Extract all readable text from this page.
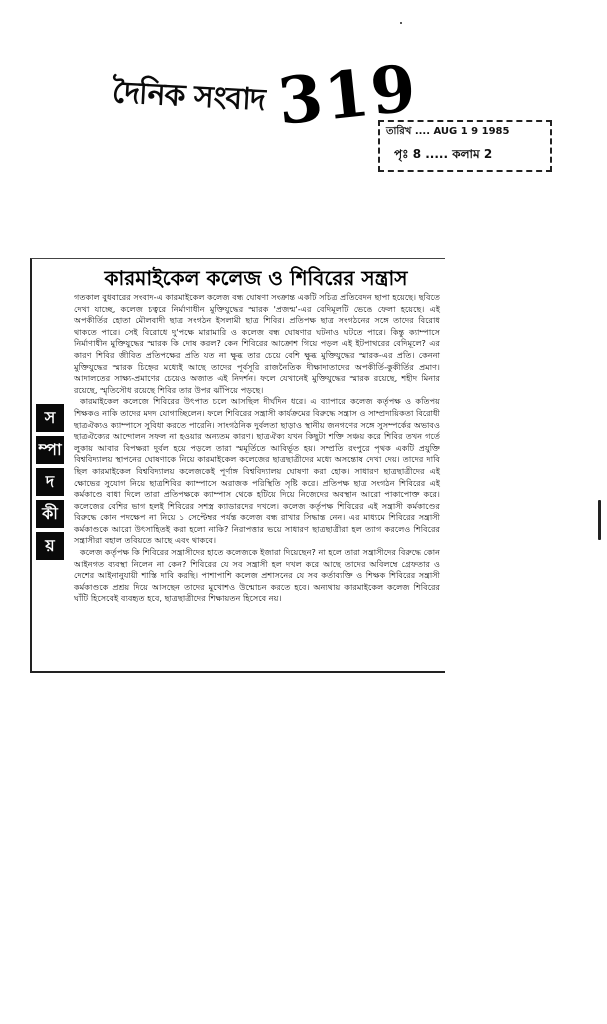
দৈনিক সংবাদ 319
তারিখ .... AUG 1 9 1985
পৃঃ 8 ..... কলাম 2
কারমাইকেল কলেজ ও শিবিরের সন্ত্রাস
স
ম্পা
দ
কী
য়

গতকাল বুধবারের সংবাদ-এ কারমাইকেল কলেজ বন্ধ ঘোষণা সংক্রান্ত একটি সচিত্র প্রতিবেদন ছাপা হয়েছে। ছবিতে দেখা যাচ্ছে, কলেজ চত্বরে নির্মাণাধীন মুক্তিযুদ্ধের স্মারক 'প্রজন্ম'-এর বেদিমূলটি ভেঙে ফেলা হয়েছে। এই অপকীর্তির হোতা মৌলবাদী ছাত্র সংগঠন ইসলামী ছাত্র শিবির। প্রতিপক্ষ ছাত্র সংগঠনের সঙ্গে তাদের বিরোধ থাকতে পারে। সেই বিরোধে দু'পক্ষে মারামারি ও কলেজ বন্ধ ঘোষণার ঘটনাও ঘটতে পারে। কিন্তু ক্যাম্পাসে নির্মাণাধীন মুক্তিযুদ্ধের স্মারক কি দোষ করল? কেন শিবিরের আক্রোশ গিয়ে পড়ল এই ইটপাথরের বেদিমূলে? এর কারণ শিবির জীবিত প্রতিপক্ষের প্রতি যত না ক্ষুব্ধ তার চেয়ে বেশি ক্ষুব্ধ মুক্তিযুদ্ধের স্মারক-এর প্রতি। কেননা মুক্তিযুদ্ধের স্মারক চিহ্নের মধ্যেই আছে তাদের পূর্বসূরি রাজনৈতিক দীক্ষাদাতাদের অপকীর্তি-কুকীর্তির প্রমাণ। আদালতের সাক্ষ্য-প্রমাণের চেয়েও অজাত এই নিদর্শন। ফলে যেখানেই মুক্তিযুদ্ধের স্মারক রয়েছে, শহীদ মিনার রয়েছে, স্মৃতিসৌধ রয়েছে শিবির তার উপর ঝাঁপিয়ে পড়ছে।

কারমাইকেল কলেজে শিবিরের উৎপাত চলে আসছিল দীর্ঘদিন ধরে। এ ব্যাপারে কলেজ কর্তৃপক্ষ ও কতিপয় শিক্ষকও নাকি তাদের মদদ যোগাচ্ছিলেন। ফলে শিবিরের সন্ত্রাসী কার্যক্রমের বিরুদ্ধে সন্ত্রাস ও সাম্প্রদায়িকতা বিরোধী ছাত্রঐক্যও ক্যাম্পাসে সুবিধা করতে পারেনি। সাংগঠনিক দুর্বলতা ছাড়াও স্থানীয় জনগণের সঙ্গে সুসম্পর্কের অভাবও ছাত্রঐক্যের আন্দোলন সফল না হওয়ার অন্যতম কারণ। ছাত্রঐক্য যখন কিছুটা শক্তি সঞ্চয় করে শিবির তখন গর্তে লুকায় আবার বিপক্ষরা দুর্বল হয়ে পড়লে তারা স্মমূর্তিতে আবির্ভূত হয়। সম্প্রতি রংপুরে পৃথক একটি প্রযুক্তি বিশ্ববিদ্যালয় স্থাপনের ঘোষণাকে নিয়ে কারমাইকেল কলেজের ছাত্রছাত্রীদের মধ্যে অসন্তোষ দেখা দেয়। তাদের দাবি ছিল কারমাইকেল বিশ্ববিদ্যালয় কলেজকেই পূর্ণাঙ্গ বিশ্ববিদ্যালয় ঘোষণা করা হোক। সাধারণ ছাত্রছাত্রীদের এই ক্ষোভের সুযোগ নিয়ে ছাত্রশিবির ক্যাম্পাসে অরাজক পরিস্থিতি সৃষ্টি করে। প্রতিপক্ষ ছাত্র সংগঠন শিবিরের এই কর্মকাণ্ডে বাধা দিলে তারা প্রতিপক্ষকে ক্যাম্পাস থেকে হটিয়ে দিয়ে নিজেদের অবস্থান আরো পাকাপোক্ত করে। কলেজের বেশির ভাগ হলই শিবিরের সশস্ত্র ক্যাডারদের দখলে। কলেজ কর্তৃপক্ষ শিবিরের এই সন্ত্রাসী কর্মকাণ্ডের বিরুদ্ধে কোন পদক্ষেপ না নিয়ে ১ সেপ্টেম্বর পর্যন্ত কলেজ বন্ধ রাখার সিদ্ধান্ত নেন। এর মাধ্যমে শিবিরের সন্ত্রাসী কর্মকাণ্ডকে আরো উৎসাহিতই করা হলো নাকি? নিরাপত্তার ভয়ে সাধারণ ছাত্রছাত্রীরা হল ত্যাগ করলেও শিবিরের সন্ত্রাসীরা বহাল তবিয়তে আছে এবং থাকবে।

কলেজ কর্তৃপক্ষ কি শিবিরের সন্ত্রাসীদের হাতে কলেজকে ইজারা দিয়েছেন? না হলে তারা সন্ত্রাসীদের বিরুদ্ধে কোন আইনগত ব্যবস্থা নিলেন না কেন? শিবিরের যে সব সন্ত্রাসী হল দখল করে আছে তাদের অবিলম্বে গ্রেফতার ও দেশের আইনানুযায়ী শাস্তি দাবি করছি। পাশাপাশি কলেজ প্রশাসনের যে সব কর্তাব্যক্তি ও শিক্ষক শিবিরের সন্ত্রাসী কর্মকাণ্ডকে প্রশ্রয় দিয়ে আসছেন তাদের মুখোশও উন্মোচন করতে হবে। অন্যথায় কারমাইকেল কলেজ শিবিরের ঘাঁটি হিসেবেই ব্যবহৃত হবে, ছাত্রছাত্রীদের শিক্ষায়তন হিসেবে নয়।
